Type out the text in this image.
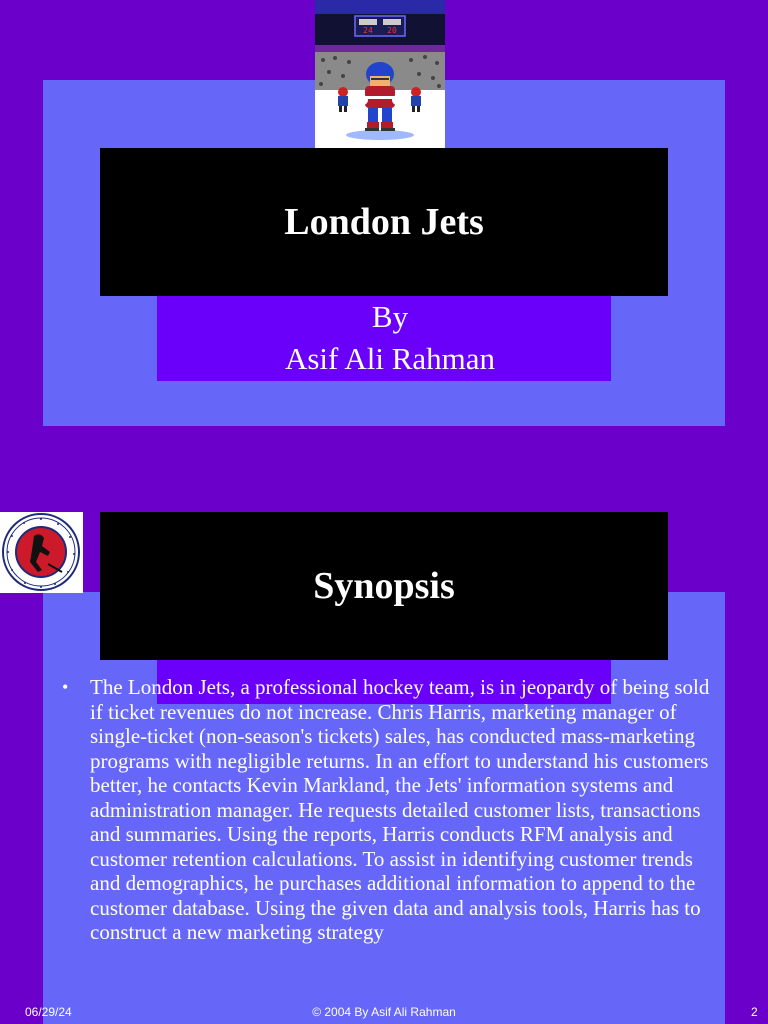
24 20
London Jets
By
Asif Ali Rahman
Synopsis
• The London Jets, a professional hockey team, is in jeopardy of being sold if ticket revenues do not increase. Chris Harris, marketing manager of single-ticket (non-season's tickets) sales, has conducted mass-marketing programs with negligible returns. In an effort to understand his customers better, he contacts Kevin Markland, the Jets' information systems and administration manager. He requests detailed customer lists, transactions and summaries. Using the reports, Harris conducts RFM analysis and customer retention calculations. To assist in identifying customer trends and demographics, he purchases additional information to append to the customer database. Using the given data and analysis tools, Harris has to construct a new marketing strategy
06/29/24	© 2004 By Asif Ali Rahman	2
